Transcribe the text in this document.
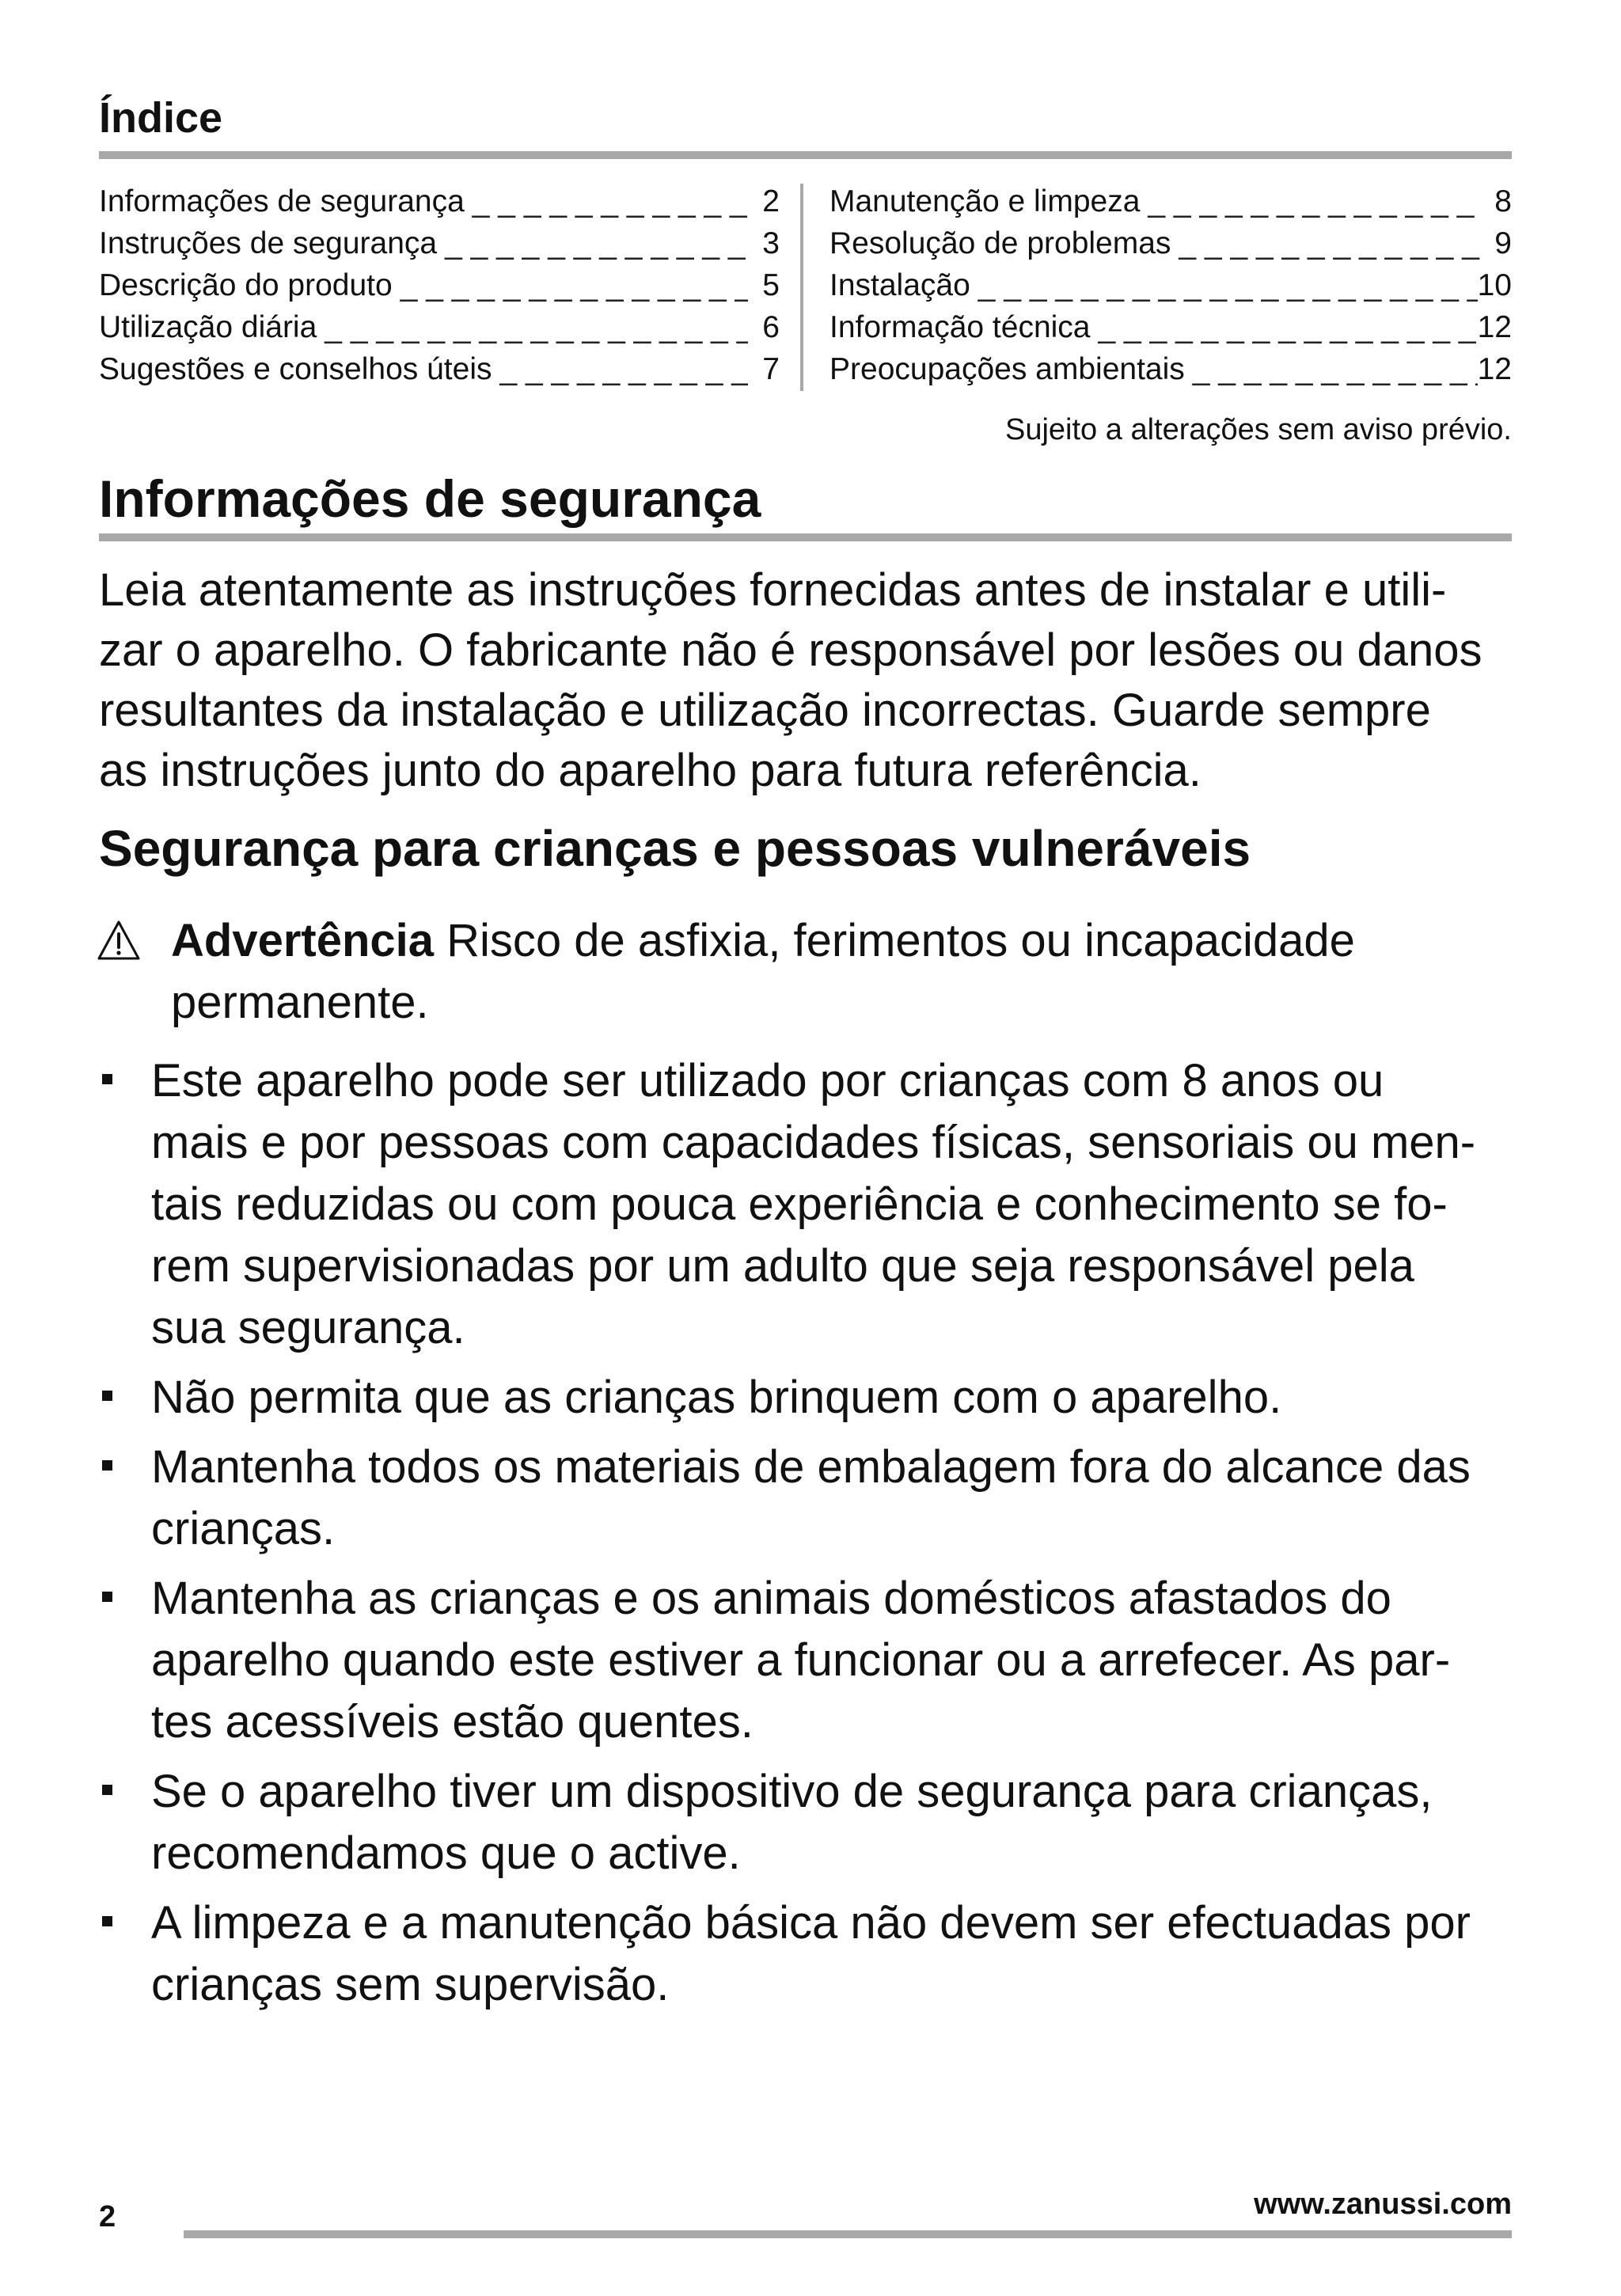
Índice
Informações de segurança _ _ _	2
Instruções de segurança _ _ _	3
Descrição do produto _ _ _	5
Utilização diária _ _ _	6
Sugestões e conselhos úteis _ _ _	7
Manutenção e limpeza _ _ _	8
Resolução de problemas _ _ _	9
Instalação _ _ _	10
Informação técnica _ _ _	12
Preocupações ambientais _ _ _	12
Sujeito a alterações sem aviso prévio.
Informações de segurança

Leia atentamente as instruções fornecidas antes de instalar e utili-
zar o aparelho. O fabricante não é responsável por lesões ou danos
resultantes da instalação e utilização incorrectas. Guarde sempre
as instruções junto do aparelho para futura referência.

Segurança para crianças e pessoas vulneráveis
Advertência Risco de asfixia, ferimentos ou incapacidade
permanente.
Este aparelho pode ser utilizado por crianças com 8 anos ou
mais e por pessoas com capacidades físicas, sensoriais ou men-
tais reduzidas ou com pouca experiência e conhecimento se fo-
rem supervisionadas por um adulto que seja responsável pela
sua segurança.
Não permita que as crianças brinquem com o aparelho.
Mantenha todos os materiais de embalagem fora do alcance das
crianças.
Mantenha as crianças e os animais domésticos afastados do
aparelho quando este estiver a funcionar ou a arrefecer. As par-
tes acessíveis estão quentes.
Se o aparelho tiver um dispositivo de segurança para crianças,
recomendamos que o active.
A limpeza e a manutenção básica não devem ser efectuadas por
crianças sem supervisão.
2	www.zanussi.com
